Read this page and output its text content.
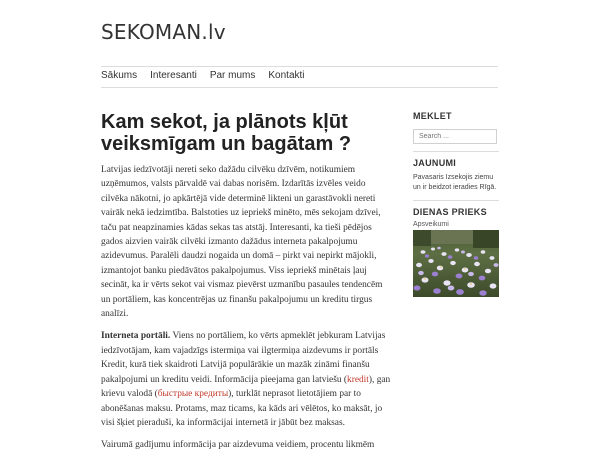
SEKOMAN.lv
Sākums Interesanti Par mums Kontakti
Kam sekot, ja plānots kļūt veiksmīgam un bagātam ?

Latvijas iedzīvotāji nereti seko dažādu cilvēku dzīvēm, notikumiem uzņēmumos, valsts pārvaldē vai dabas norisēm. Izdarītās izvēles veido cilvēka nākotni, jo apkārtējā vide determinē likteni un garastāvokli nereti vairāk nekā iedzimtība. Balstoties uz iepriekš minēto, mēs sekojam dzīvei, taču pat neapzinamies kādas sekas tas atstāj. Interesanti, ka tieši pēdējos gados aizvien vairāk cilvēki izmanto dažādus interneta pakalpojumu azidevumus. Paralēli daudzi nogaida un domā – pirkt vai nepirkt mājokli, izmantojot banku piedāvātos pakalpojumus. Viss iepriekš minētais ļauj secināt, ka ir vērts sekot vai vismaz pievērst uzmanību pasaules tendencēm un portāliem, kas koncentrējas uz finanšu pakalpojumu un kreditu tirgus analīzi.

Interneta portāli. Viens no portāliem, ko vērts apmeklēt jebkuram Latvijas iedzīvotājam, kam vajadzīgs istermiņa vai ilgtermiņa aizdevums ir portāls Kredit, kurā tiek skaidroti Latvijā populārākie un mazāk zināmi finanšu pakalpojumi un kreditu veidi. Informācija pieejama gan latviešu (kredit), gan krievu valodā (быстрые кредиты), turklāt neprasot lietotājiem par to abonēšanas maksu. Protams, maz ticams, ka kāds ari vēlētos, ko maksāt, jo visi šķiet pieraduši, ka informācijai internetā ir jābūt bez maksas.

Vairumā gadījumu informācija par aizdevuma veidiem, procentu likmēm

MEKLET
Search ...
JAUNUMI
Pavasaris Izsekojis ziemu un ir beidzot ieradies Rīgā.
DIENAS PRIEKS
Apsveikumi
